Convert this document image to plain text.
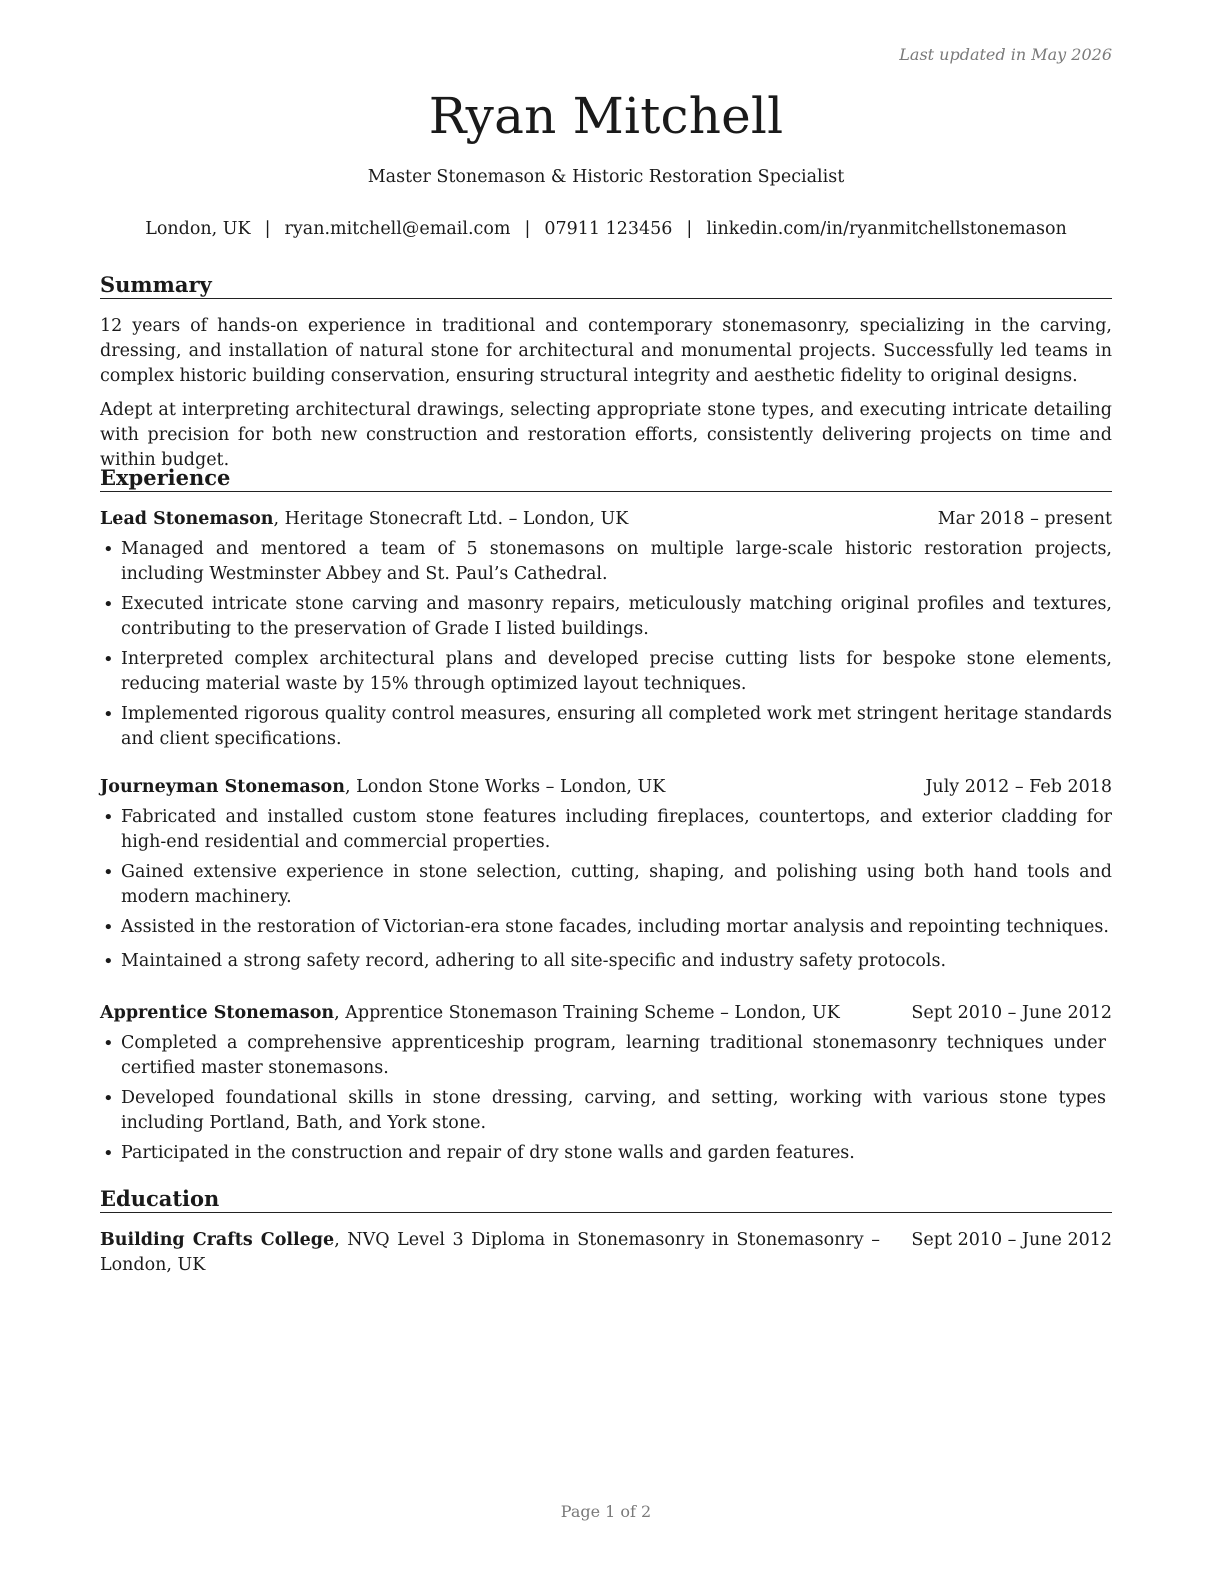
Last updated in May 2026
Ryan Mitchell
Master Stonemason & Historic Restoration Specialist
London, UK | ryan.mitchell@email.com | 07911 123456 | linkedin.com/in/ryanmitchellstonemason
Summary
12 years of hands-on experience in traditional and contemporary stonemasonry, specializing in the carving, dressing, and installation of natural stone for architectural and monumental projects. Successfully led teams in complex historic building conservation, ensuring structural integrity and aesthetic fidelity to original designs.
Adept at interpreting architectural drawings, selecting appropriate stone types, and executing intricate detailing with precision for both new construction and restoration efforts, consistently delivering projects on time and within budget.
Experience
Lead Stonemason, Heritage Stonecraft Ltd. – London, UK	Mar 2018 – present
• Managed and mentored a team of 5 stonemasons on multiple large-scale historic restoration projects, including Westminster Abbey and St. Paul’s Cathedral.
• Executed intricate stone carving and masonry repairs, meticulously matching original profiles and textures, contributing to the preservation of Grade I listed buildings.
• Interpreted complex architectural plans and developed precise cutting lists for bespoke stone elements, reducing material waste by 15% through optimized layout techniques.
• Implemented rigorous quality control measures, ensuring all completed work met stringent heritage standards and client specifications.
Journeyman Stonemason, London Stone Works – London, UK	July 2012 – Feb 2018
• Fabricated and installed custom stone features including fireplaces, countertops, and exterior cladding for high-end residential and commercial properties.
• Gained extensive experience in stone selection, cutting, shaping, and polishing using both hand tools and modern machinery.
• Assisted in the restoration of Victorian-era stone facades, including mortar analysis and repointing techniques.
• Maintained a strong safety record, adhering to all site-specific and industry safety protocols.
Apprentice Stonemason, Apprentice Stonemason Training Scheme – London, UK	Sept 2010 – June 2012
• Completed a comprehensive apprenticeship program, learning traditional stonemasonry techniques under certified master stonemasons.
• Developed foundational skills in stone dressing, carving, and setting, working with various stone types including Portland, Bath, and York stone.
• Participated in the construction and repair of dry stone walls and garden features.
Education
Building Crafts College, NVQ Level 3 Diploma in Stonemasonry in Stonemasonry – London, UK
Sept 2010 – June 2012
Page 1 of 2
